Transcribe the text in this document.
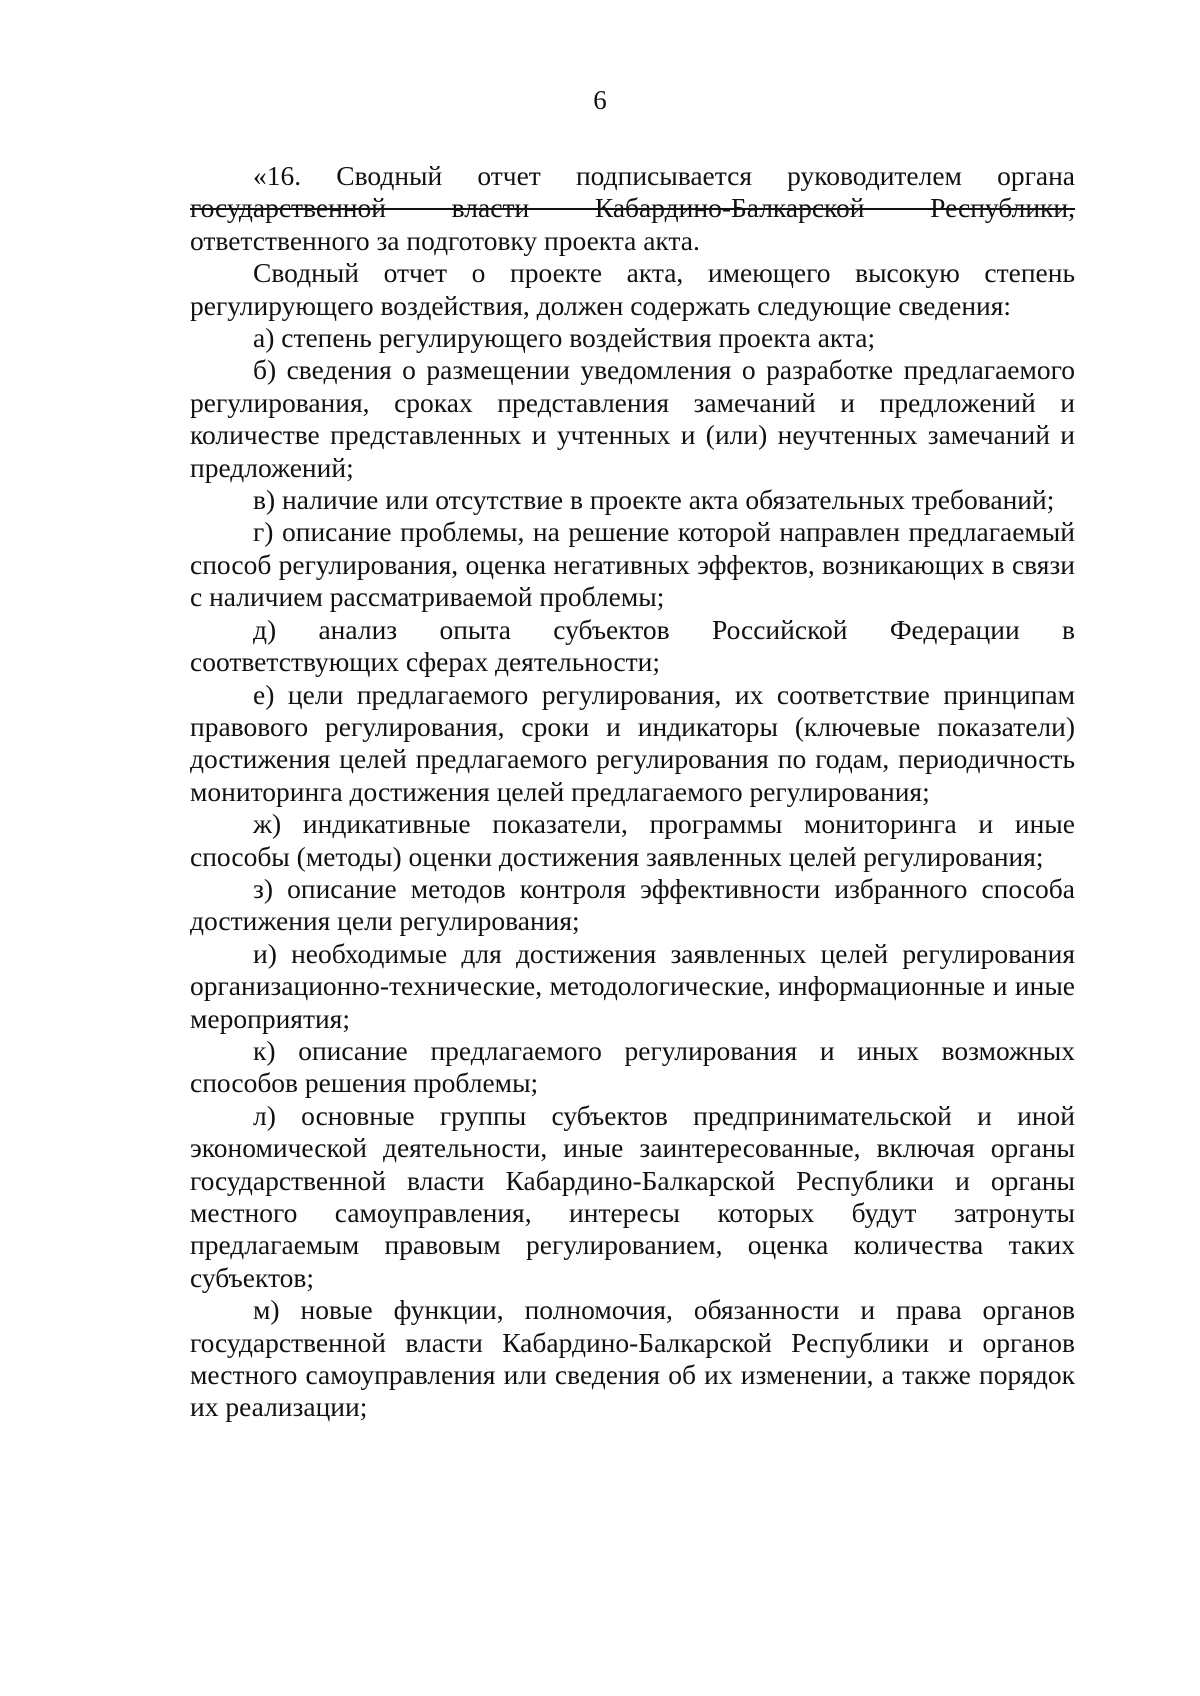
6

«16. Сводный отчет подписывается руководителем органа государственной власти Кабардино-Балкарской Республики, ответственного за подготовку проекта акта.

Сводный отчет о проекте акта, имеющего высокую степень регулирующего воздействия, должен содержать следующие сведения:

а) степень регулирующего воздействия проекта акта;

б) сведения о размещении уведомления о разработке предлагаемого регулирования, сроках представления замечаний и предложений и количестве представленных и учтенных и (или) неучтенных замечаний и предложений;

в) наличие или отсутствие в проекте акта обязательных требований;

г) описание проблемы, на решение которой направлен предлагаемый способ регулирования, оценка негативных эффектов, возникающих в связи с наличием рассматриваемой проблемы;

д) анализ опыта субъектов Российской Федерации в соответствующих сферах деятельности;

е) цели предлагаемого регулирования, их соответствие принципам правового регулирования, сроки и индикаторы (ключевые показатели) достижения целей предлагаемого регулирования по годам, периодичность мониторинга достижения целей предлагаемого регулирования;

ж) индикативные показатели, программы мониторинга и иные способы (методы) оценки достижения заявленных целей регулирования;

з) описание методов контроля эффективности избранного способа достижения цели регулирования;

и) необходимые для достижения заявленных целей регулирования организационно-технические, методологические, информационные и иные мероприятия;

к) описание предлагаемого регулирования и иных возможных способов решения проблемы;

л) основные группы субъектов предпринимательской и иной экономической деятельности, иные заинтересованные, включая органы государственной власти Кабардино-Балкарской Республики и органы местного самоуправления, интересы которых будут затронуты предлагаемым правовым регулированием, оценка количества таких субъектов;

м) новые функции, полномочия, обязанности и права органов государственной власти Кабардино-Балкарской Республики и органов местного самоуправления или сведения об их изменении, а также порядок их реализации;
